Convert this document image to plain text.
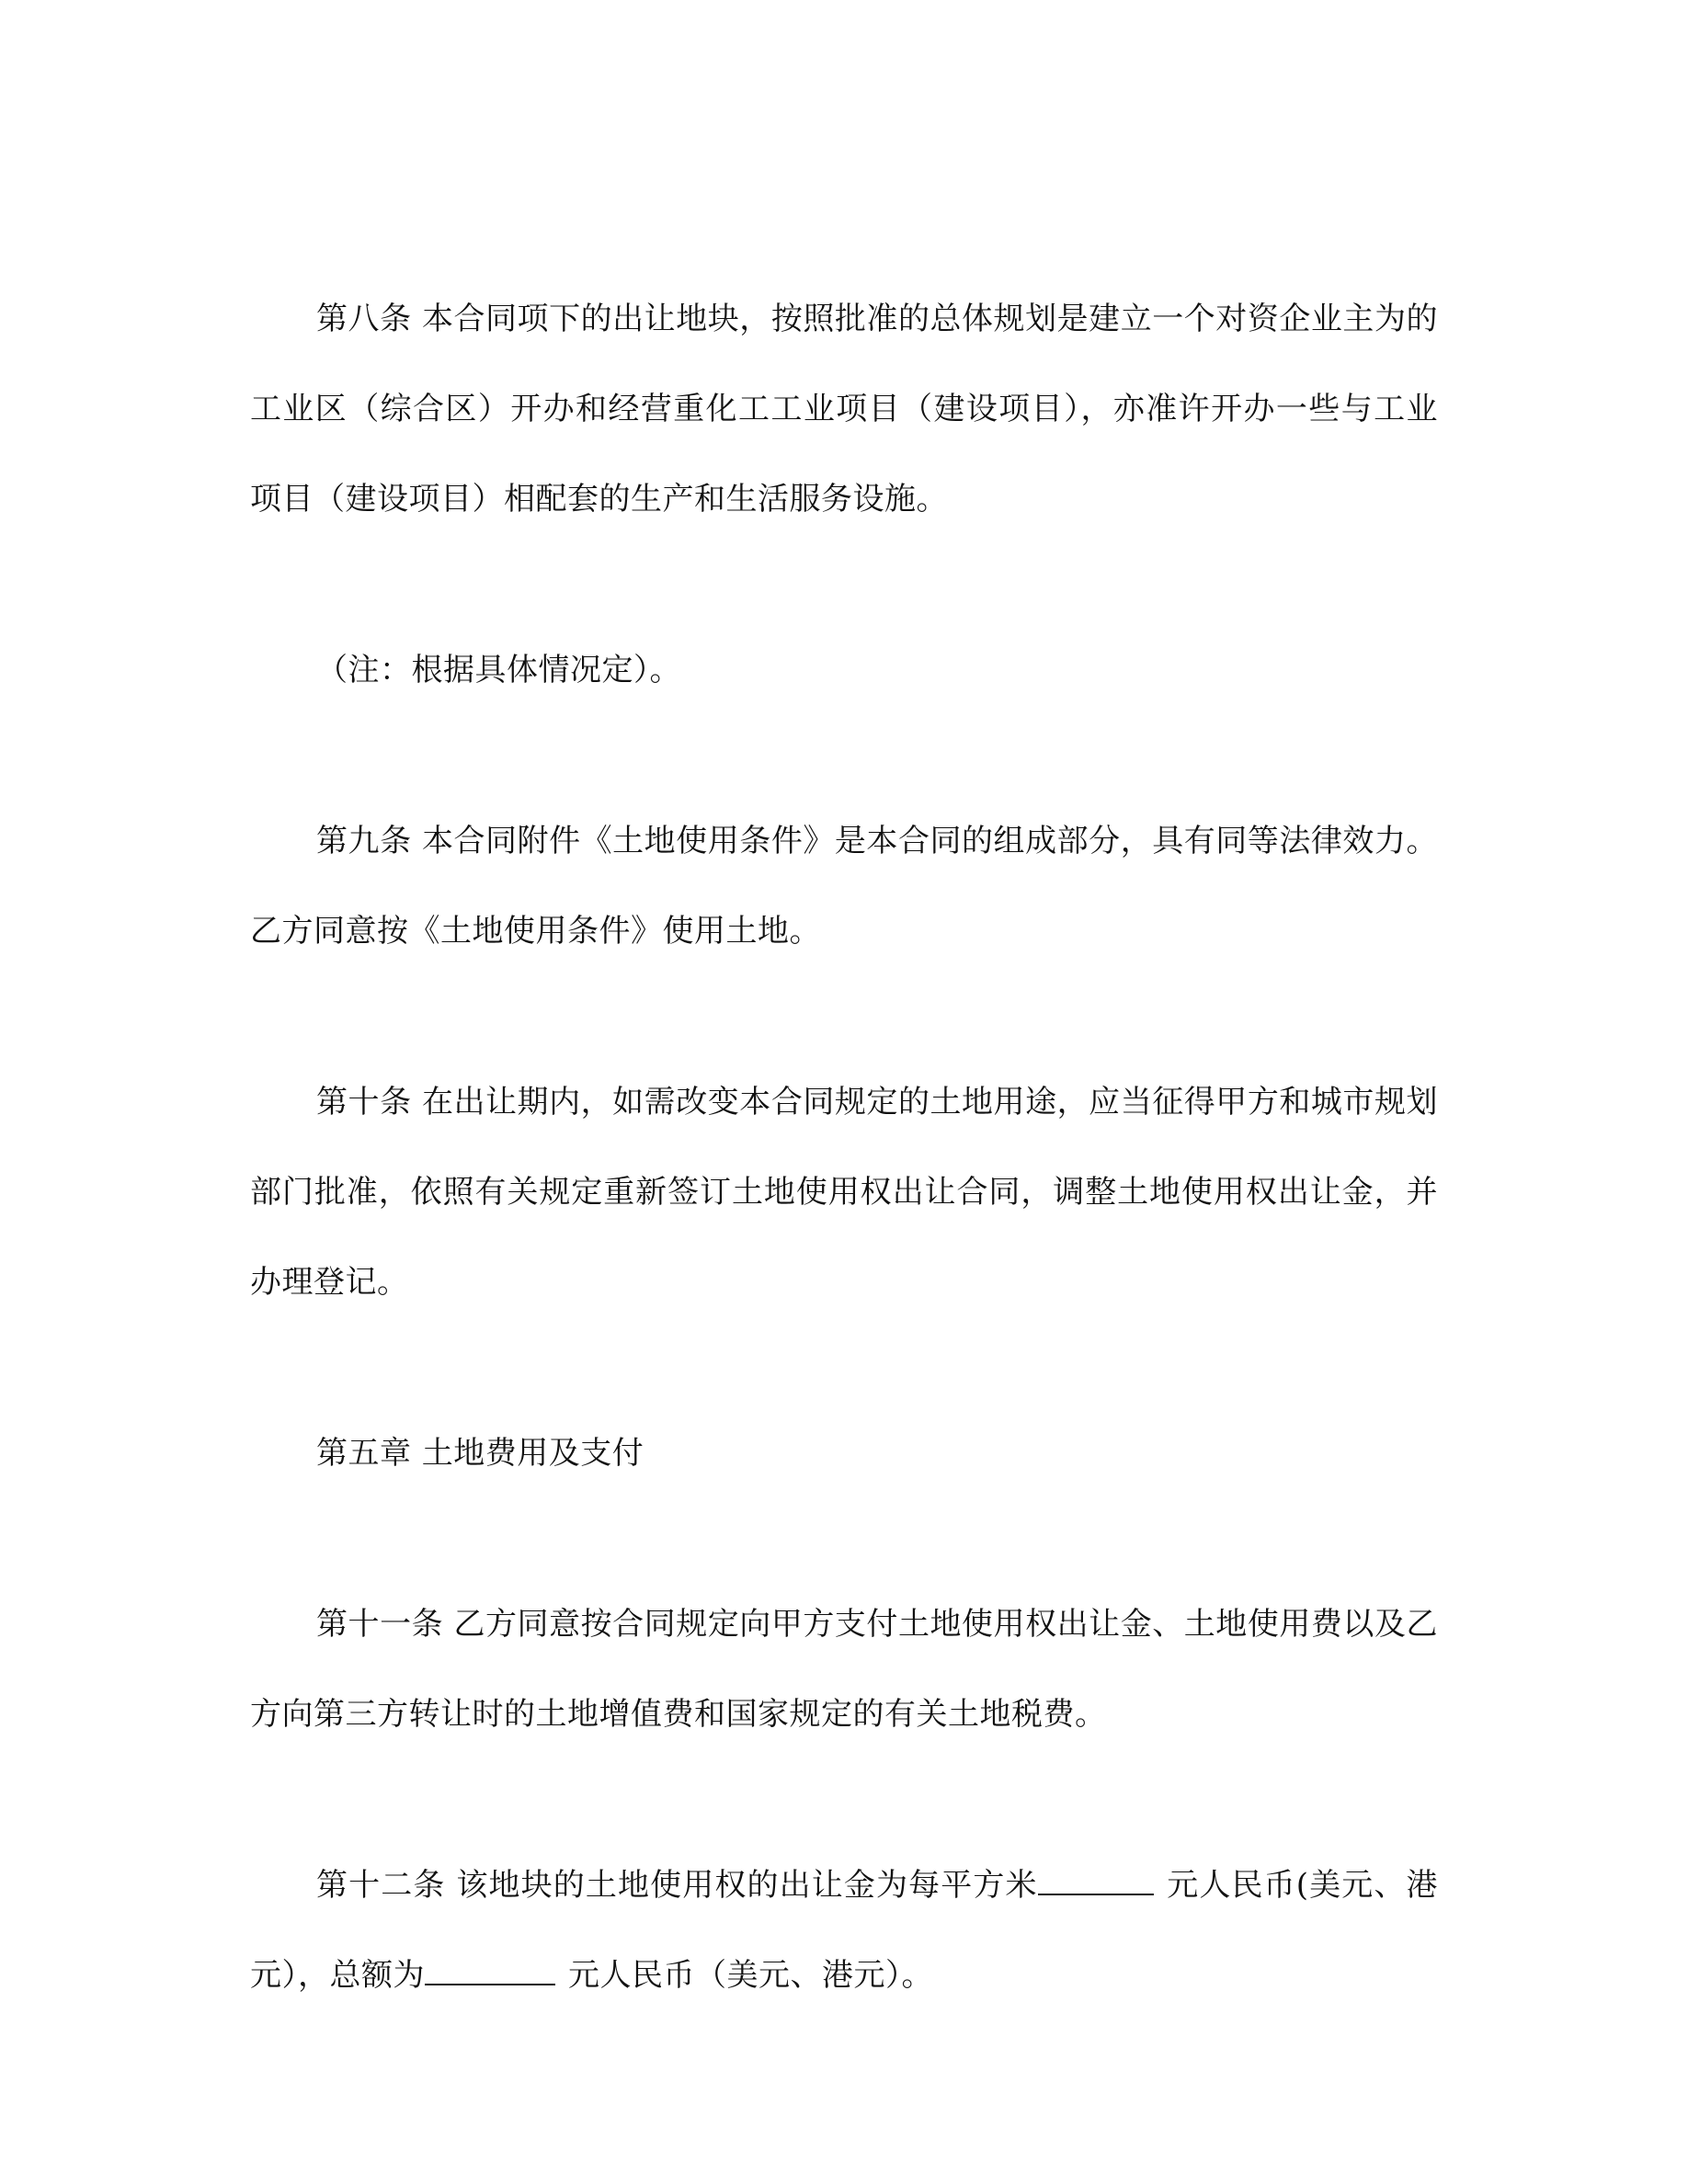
第八条 本合同项下的出让地块，按照批准的总体规划是建立一个对资企业主为的工业区（综合区）开办和经营重化工工业项目（建设项目），亦准许开办一些与工业项目（建设项目）相配套的生产和生活服务设施。

（注：根据具体情况定）。

第九条 本合同附件《土地使用条件》是本合同的组成部分，具有同等法律效力。乙方同意按《土地使用条件》使用土地。

第十条 在出让期内，如需改变本合同规定的土地用途，应当征得甲方和城市规划部门批准，依照有关规定重新签订土地使用权出让合同，调整土地使用权出让金，并办理登记。

第五章 土地费用及支付

第十一条 乙方同意按合同规定向甲方支付土地使用权出让金、土地使用费以及乙方向第三方转让时的土地增值费和国家规定的有关土地税费。

第十二条 该地块的土地使用权的出让金为每平方米	元人民币(美元、港元），总额为	元人民币（美元、港元）。
